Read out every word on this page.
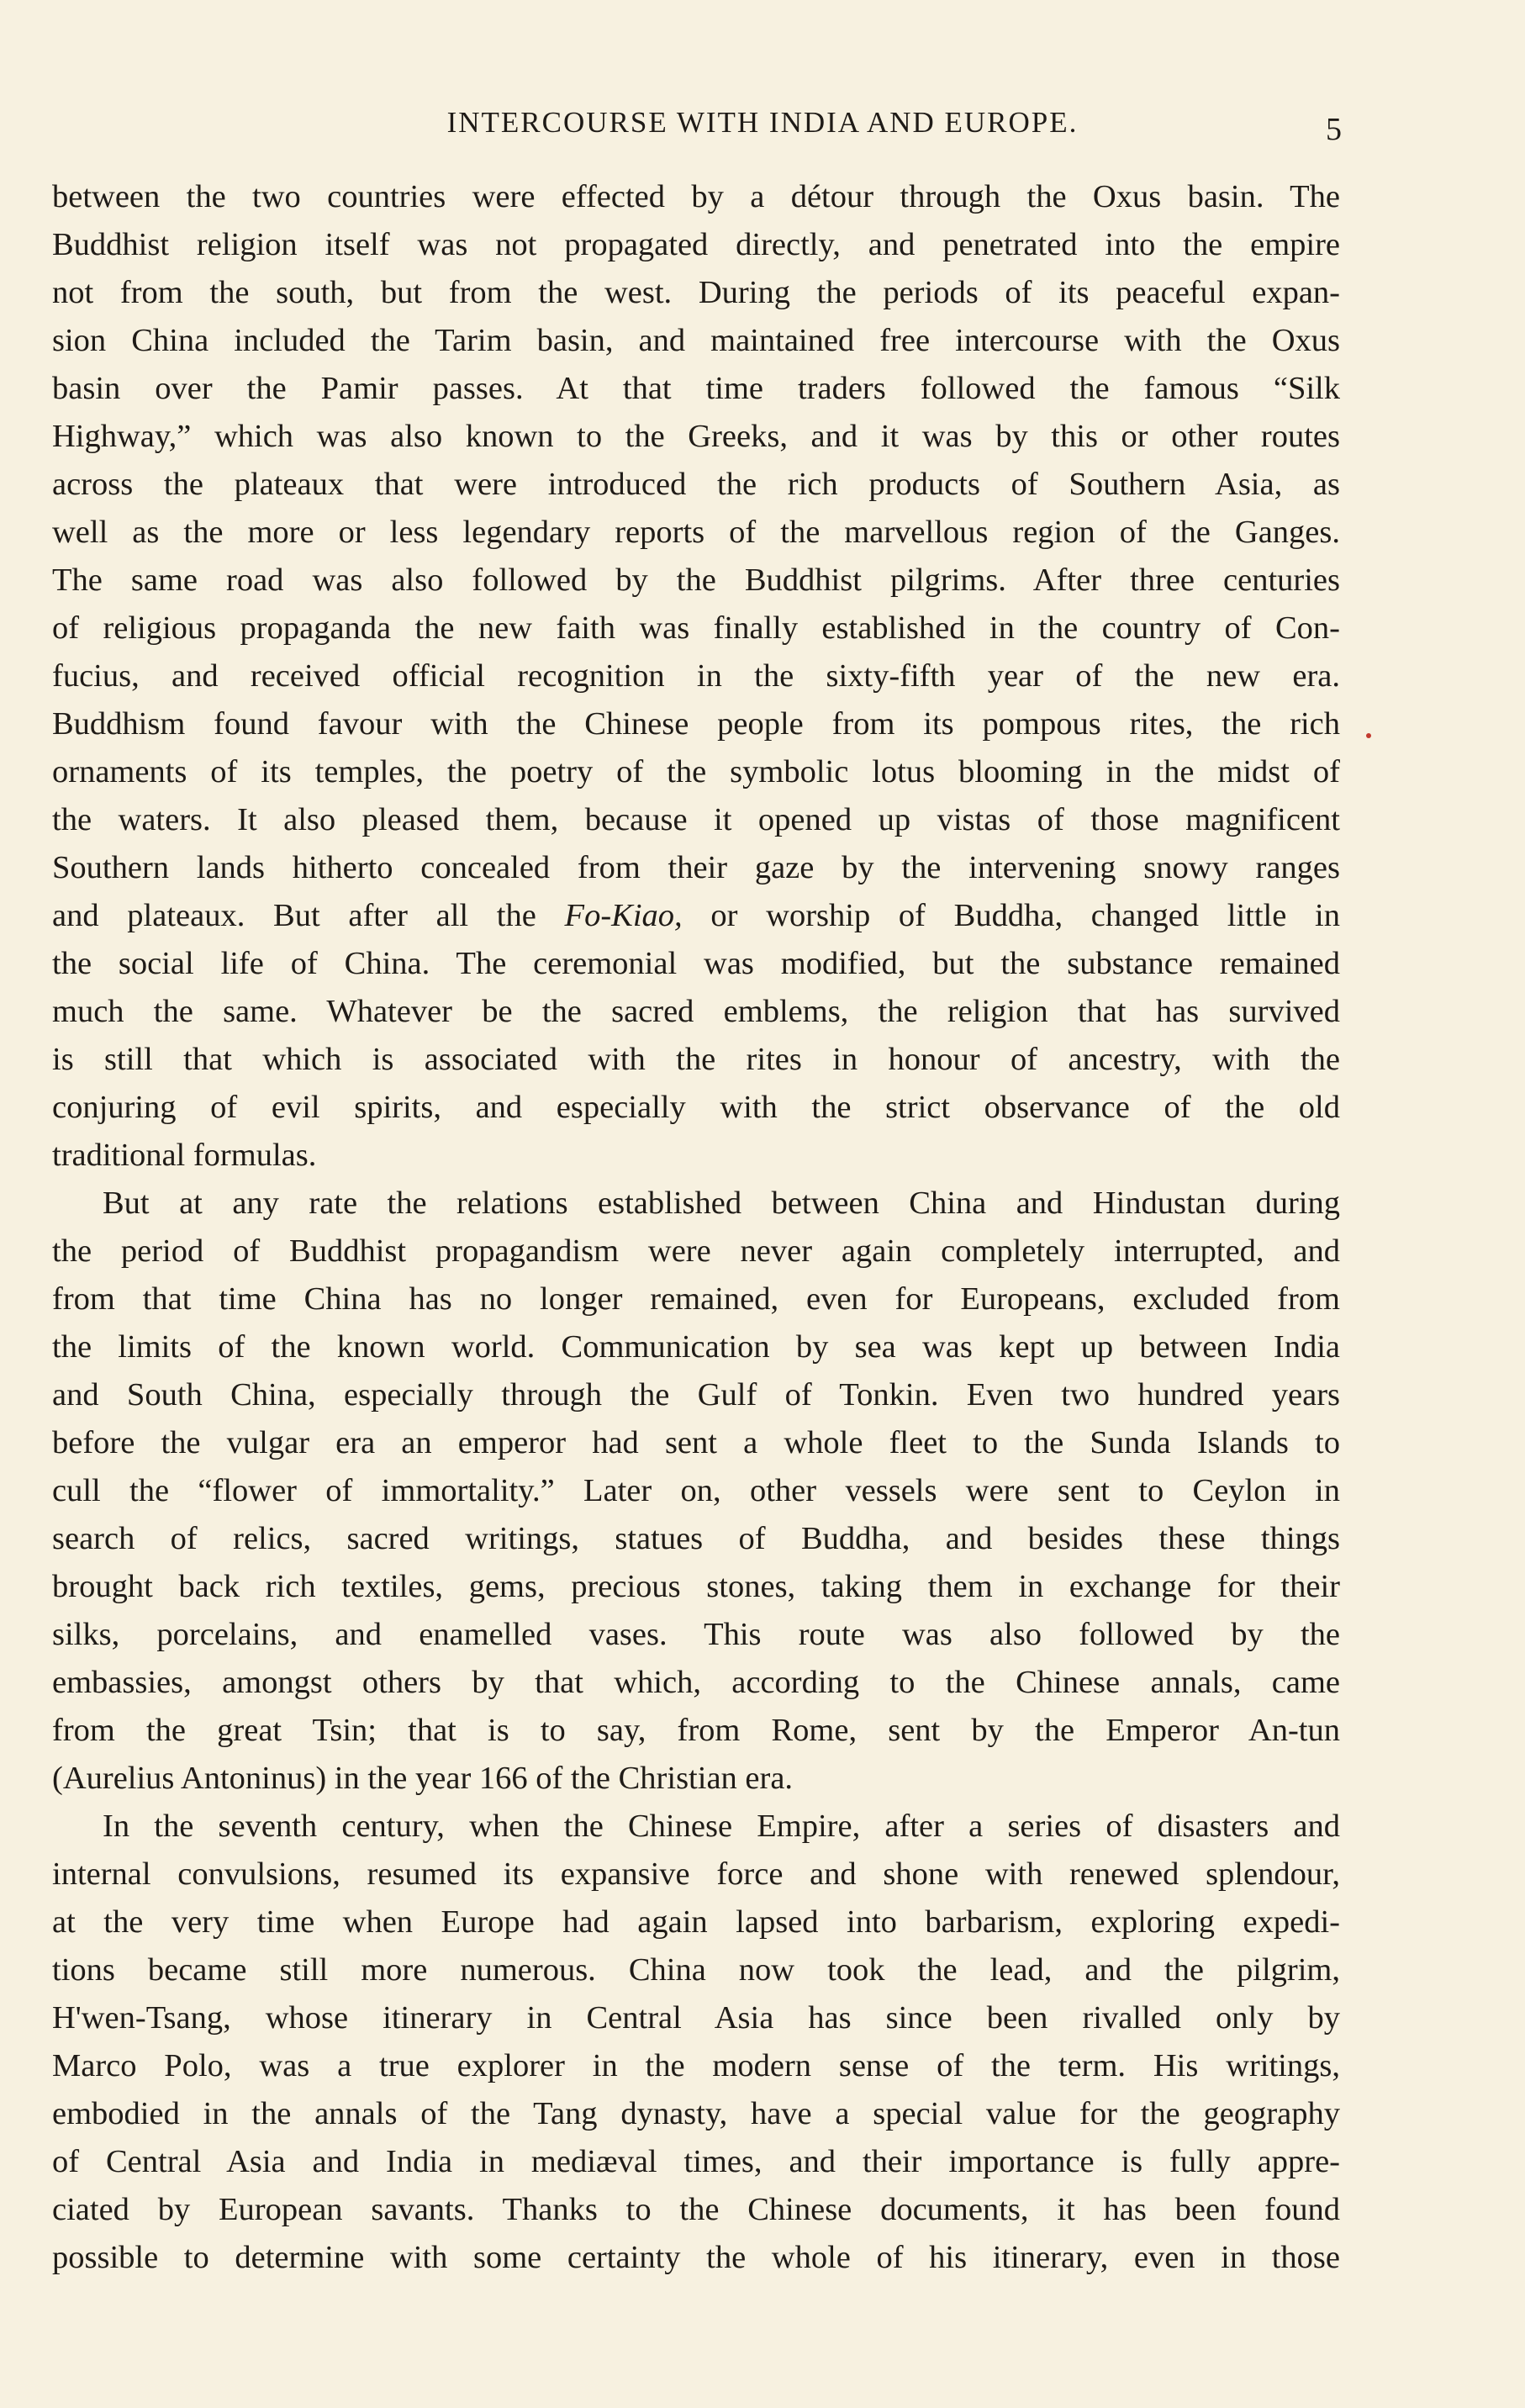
INTERCOURSE WITH INDIA AND EUROPE.	5
between the two countries were effected by a détour through the Oxus basin. The
Buddhist religion itself was not propagated directly, and penetrated into the empire
not from the south, but from the west. During the periods of its peaceful expan-
sion China included the Tarim basin, and maintained free intercourse with the Oxus
basin over the Pamir passes. At that time traders followed the famous “Silk
Highway,” which was also known to the Greeks, and it was by this or other routes
across the plateaux that were introduced the rich products of Southern Asia, as
well as the more or less legendary reports of the marvellous region of the Ganges.
The same road was also followed by the Buddhist pilgrims. After three centuries
of religious propaganda the new faith was finally established in the country of Con-
fucius, and received official recognition in the sixty-fifth year of the new era.
Buddhism found favour with the Chinese people from its pompous rites, the rich
ornaments of its temples, the poetry of the symbolic lotus blooming in the midst of
the waters. It also pleased them, because it opened up vistas of those magnificent
Southern lands hitherto concealed from their gaze by the intervening snowy ranges
and plateaux. But after all the Fo-Kiao, or worship of Buddha, changed little in
the social life of China. The ceremonial was modified, but the substance remained
much the same. Whatever be the sacred emblems, the religion that has survived
is still that which is associated with the rites in honour of ancestry, with the
conjuring of evil spirits, and especially with the strict observance of the old
traditional formulas.
But at any rate the relations established between China and Hindustan during
the period of Buddhist propagandism were never again completely interrupted, and
from that time China has no longer remained, even for Europeans, excluded from
the limits of the known world. Communication by sea was kept up between India
and South China, especially through the Gulf of Tonkin. Even two hundred years
before the vulgar era an emperor had sent a whole fleet to the Sunda Islands to
cull the “flower of immortality.” Later on, other vessels were sent to Ceylon in
search of relics, sacred writings, statues of Buddha, and besides these things
brought back rich textiles, gems, precious stones, taking them in exchange for their
silks, porcelains, and enamelled vases. This route was also followed by the
embassies, amongst others by that which, according to the Chinese annals, came
from the great Tsin; that is to say, from Rome, sent by the Emperor An-tun
(Aurelius Antoninus) in the year 166 of the Christian era.
In the seventh century, when the Chinese Empire, after a series of disasters and
internal convulsions, resumed its expansive force and shone with renewed splendour,
at the very time when Europe had again lapsed into barbarism, exploring expedi-
tions became still more numerous. China now took the lead, and the pilgrim,
H'wen-Tsang, whose itinerary in Central Asia has since been rivalled only by
Marco Polo, was a true explorer in the modern sense of the term. His writings,
embodied in the annals of the Tang dynasty, have a special value for the geography
of Central Asia and India in mediæval times, and their importance is fully appre-
ciated by European savants. Thanks to the Chinese documents, it has been found
possible to determine with some certainty the whole of his itinerary, even in those
